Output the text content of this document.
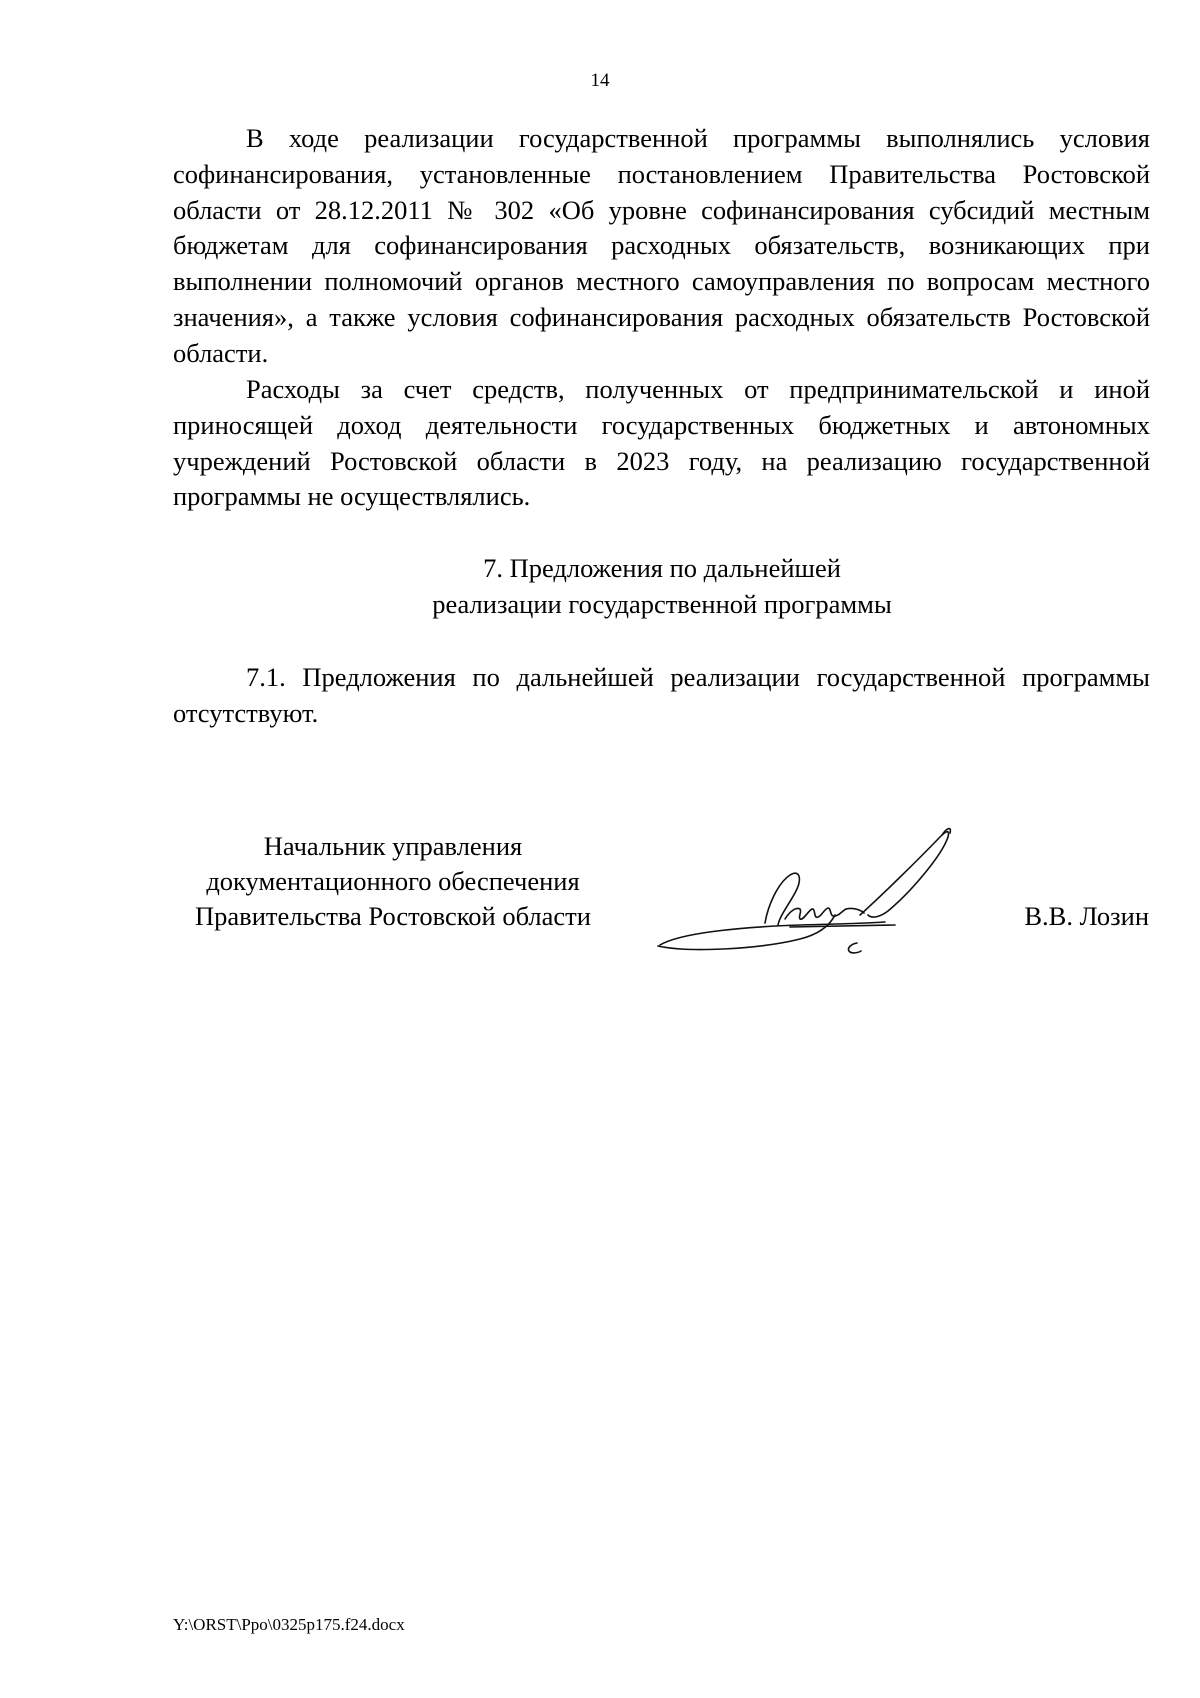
14

В ходе реализации государственной программы выполнялись условия софинансирования, установленные постановлением Правительства Ростовской области от 28.12.2011 № 302 «Об уровне софинансирования субсидий местным бюджетам для софинансирования расходных обязательств, возникающих при выполнении полномочий органов местного самоуправления по вопросам местного значения», а также условия софинансирования расходных обязательств Ростовской области.

Расходы за счет средств, полученных от предпринимательской и иной приносящей доход деятельности государственных бюджетных и автономных учреждений Ростовской области в 2023 году, на реализацию государственной программы не осуществлялись.

7. Предложения по дальнейшей
реализации государственной программы

7.1. Предложения по дальнейшей реализации государственной программы отсутствуют.

Начальник управления
документационного обеспечения
Правительства Ростовской области	В.В. Лозин
Y:\ORST\Ppo\0325p175.f24.docx
